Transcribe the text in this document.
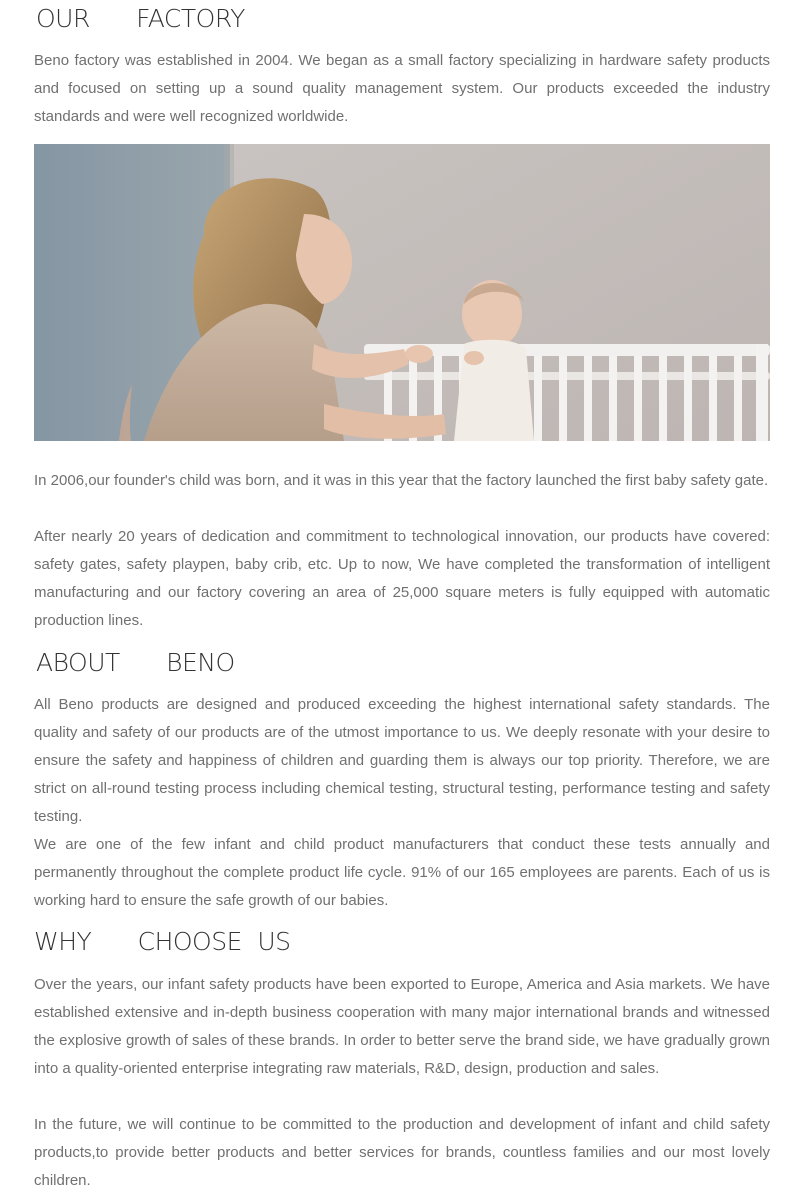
OUR   FACTORY

Beno factory was established in 2004. We began as a small factory specializing in hardware safety products and focused on setting up a sound quality management system. Our products exceeded the industry standards and were well recognized worldwide.

In 2006,our founder's child was born, and it was in this year that the factory launched the first baby safety gate.

After nearly 20 years of dedication and commitment to technological innovation, our products have covered: safety gates, safety playpen, baby crib, etc. Up to now, We have completed the transformation of intelligent manufacturing and our factory covering an area of 25,000 square meters is fully equipped with automatic production lines.

ABOUT   BENO

All Beno products are designed and produced exceeding the highest international safety standards. The quality and safety of our products are of the utmost importance to us. We deeply resonate with your desire to ensure the safety and happiness of children and guarding them is always our top priority. Therefore, we are strict on all-round testing process including chemical testing, structural testing, performance testing and safety testing.

We are one of the few infant and child product manufacturers that conduct these tests annually and permanently throughout the complete product life cycle. 91% of our 165 employees are parents. Each of us is working hard to ensure the safe growth of our babies.

WHY   CHOOSE US

Over the years, our infant safety products have been exported to Europe, America and Asia markets. We have established extensive and in-depth business cooperation with many major international brands and witnessed the explosive growth of sales of these brands. In order to better serve the brand side, we have gradually grown into a quality-oriented enterprise integrating raw materials, R&D, design, production and sales.

In the future, we will continue to be committed to the production and development of infant and child safety products,to provide better products and better services for brands, countless families and our most lovely children.
